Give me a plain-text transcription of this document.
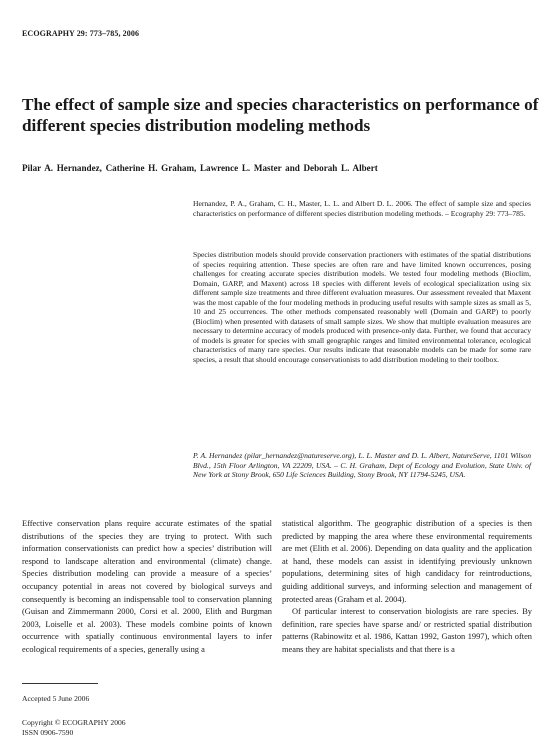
ECOGRAPHY 29: 773–785, 2006
The effect of sample size and species characteristics on performance of different species distribution modeling methods
Pilar A. Hernandez, Catherine H. Graham, Lawrence L. Master and Deborah L. Albert

Hernandez, P. A., Graham, C. H., Master, L. L. and Albert D. L. 2006. The effect of sample size and species characteristics on performance of different species distribution modeling methods. – Ecography 29: 773–785.

Species distribution models should provide conservation practioners with estimates of the spatial distributions of species requiring attention. These species are often rare and have limited known occurrences, posing challenges for creating accurate species distribution models. We tested four modeling methods (Bioclim, Domain, GARP, and Maxent) across 18 species with different levels of ecological specialization using six different sample size treatments and three different evaluation measures. Our assessment revealed that Maxent was the most capable of the four modeling methods in producing useful results with sample sizes as small as 5, 10 and 25 occurrences. The other methods compensated reasonably well (Domain and GARP) to poorly (Bioclim) when presented with datasets of small sample sizes. We show that multiple evaluation measures are necessary to determine accuracy of models produced with presence-only data. Further, we found that accuracy of models is greater for species with small geographic ranges and limited environmental tolerance, ecological characteristics of many rare species. Our results indicate that reasonable models can be made for some rare species, a result that should encourage conservationists to add distribution modeling to their toolbox.

P. A. Hernandez (pilar_hernandez@natureserve.org), L. L. Master and D. L. Albert, NatureServe, 1101 Wilson Blvd., 15th Floor Arlington, VA 22209, USA. – C. H. Graham, Dept of Ecology and Evolution, State Univ. of New York at Stony Brook, 650 Life Sciences Building, Stony Brook, NY 11794-5245, USA.

Effective conservation plans require accurate estimates of the spatial distributions of the species they are trying to protect. With such information conservationists can predict how a species’ distribution will respond to landscape alteration and environmental (climate) change. Species distribution modeling can provide a measure of a species’ occupancy potential in areas not covered by biological surveys and consequently is becoming an indispensable tool to conservation planning (Guisan and Zimmermann 2000, Corsi et al. 2000, Elith and Burgman 2003, Loiselle et al. 2003). These models combine points of known occurrence with spatially continuous environmental layers to infer ecological requirements of a species, generally using a

statistical algorithm. The geographic distribution of a species is then predicted by mapping the area where these environmental requirements are met (Elith et al. 2006). Depending on data quality and the application at hand, these models can assist in identifying previously unknown populations, determining sites of high candidacy for reintroductions, guiding additional surveys, and informing selection and management of protected areas (Graham et al. 2004).

Of particular interest to conservation biologists are rare species. By definition, rare species have sparse and/ or restricted spatial distribution patterns (Rabinowitz et al. 1986, Kattan 1992, Gaston 1997), which often means they are habitat specialists and that there is a

Accepted 5 June 2006
Copyright © ECOGRAPHY 2006
ISSN 0906-7590
